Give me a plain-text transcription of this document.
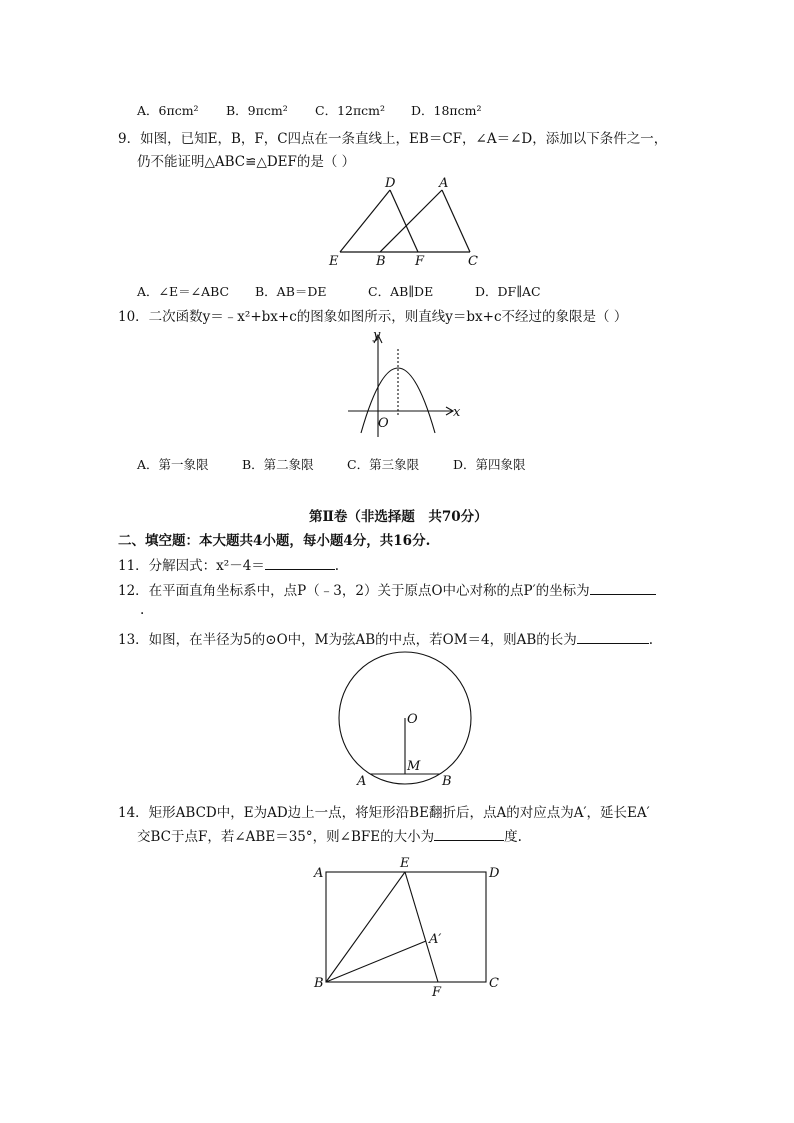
A．6πcm²	B．9πcm²	C．12πcm²	D．18πcm²
9．如图，已知E，B，F，C四点在一条直线上，EB＝CF，∠A＝∠D，添加以下条件之一，
仍不能证明△ABC≌△DEF的是（ ）
D	A
E	B F	C
A．∠E＝∠ABC	B．AB＝DE	C．AB∥DE	D．DF∥AC
10．二次函数y＝﹣x²+bx+c的图象如图所示，则直线y＝bx+c不经过的象限是（ ）
y
x
O
A．第一象限	B．第二象限	C．第三象限	D．第四象限
第Ⅱ卷（非选择题　共70分）
二、填空题：本大题共4小题，每小题4分，共16分.
11．分解因式：x²－4＝	.
12．在平面直角坐标系中，点P（﹣3，2）关于原点O中心对称的点P′的坐标为
.
13．如图，在半径为5的⊙O中，M为弦AB的中点，若OM＝4，则AB的长为	.
O
M
A	B
14．矩形ABCD中，E为AD边上一点，将矩形沿BE翻折后，点A的对应点为A′，延长EA′
交BC于点F，若∠ABE＝35°，则∠BFE的大小为	度.
A
E
D
A′
B
F
C
